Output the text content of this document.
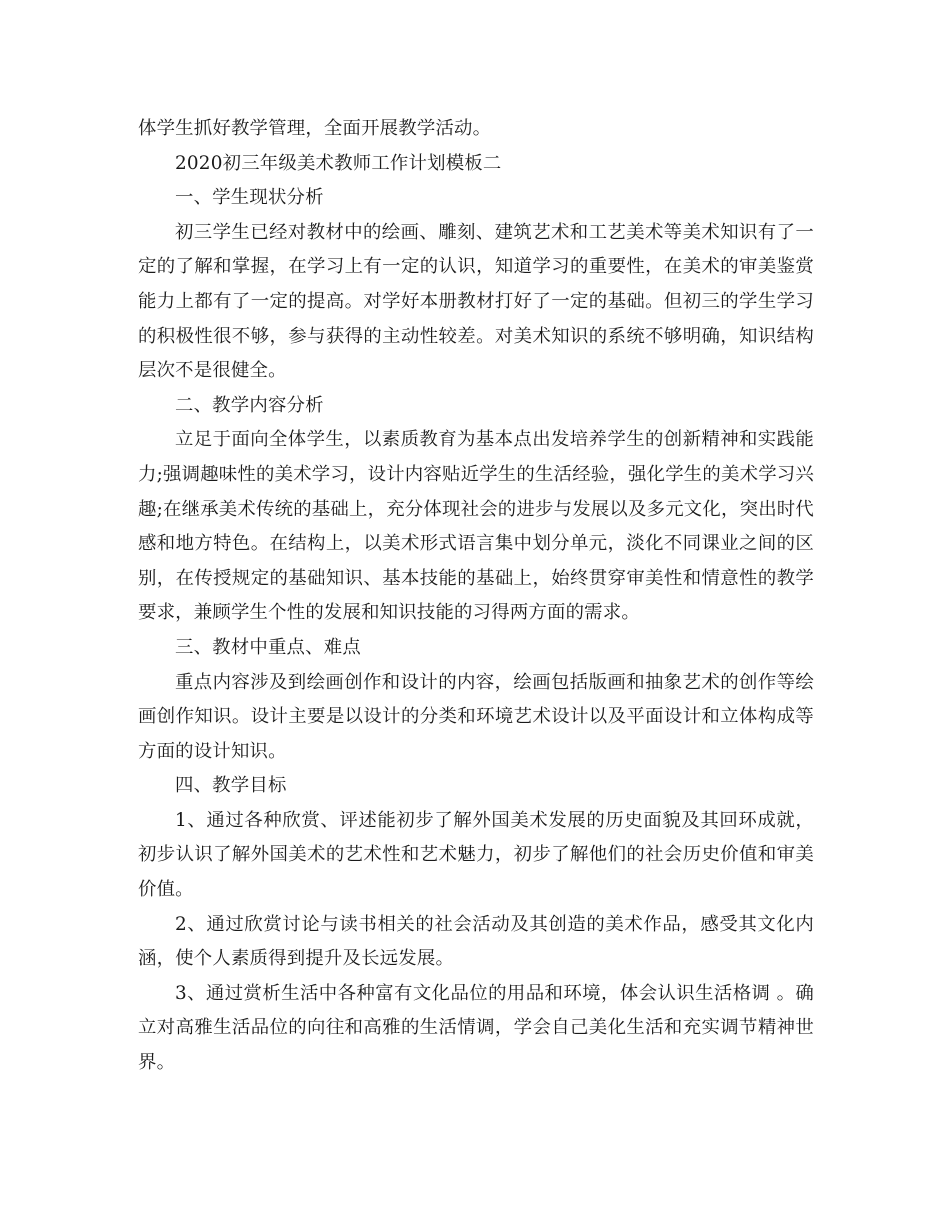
体学生抓好教学管理，全面开展教学活动。

2020初三年级美术教师工作计划模板二

一、学生现状分析

初三学生已经对教材中的绘画、雕刻、建筑艺术和工艺美术等美术知识有了一定的了解和掌握，在学习上有一定的认识，知道学习的重要性，在美术的审美鉴赏能力上都有了一定的提高。对学好本册教材打好了一定的基础。但初三的学生学习的积极性很不够，参与获得的主动性较差。对美术知识的系统不够明确，知识结构层次不是很健全。

二、教学内容分析

立足于面向全体学生，以素质教育为基本点出发培养学生的创新精神和实践能力;强调趣味性的美术学习，设计内容贴近学生的生活经验，强化学生的美术学习兴趣;在继承美术传统的基础上，充分体现社会的进步与发展以及多元文化，突出时代感和地方特色。在结构上，以美术形式语言集中划分单元，淡化不同课业之间的区别，在传授规定的基础知识、基本技能的基础上，始终贯穿审美性和情意性的教学要求，兼顾学生个性的发展和知识技能的习得两方面的需求。

三、教材中重点、难点

重点内容涉及到绘画创作和设计的内容，绘画包括版画和抽象艺术的创作等绘画创作知识。设计主要是以设计的分类和环境艺术设计以及平面设计和立体构成等方面的设计知识。

四、教学目标

1、通过各种欣赏、评述能初步了解外国美术发展的历史面貌及其回环成就，初步认识了解外国美术的艺术性和艺术魅力，初步了解他们的社会历史价值和审美价值。

2、通过欣赏讨论与读书相关的社会活动及其创造的美术作品，感受其文化内涵，使个人素质得到提升及长远发展。

3、通过赏析生活中各种富有文化品位的用品和环境，体会认识生活格调 。确立对高雅生活品位的向往和高雅的生活情调，学会自己美化生活和充实调节精神世界。
